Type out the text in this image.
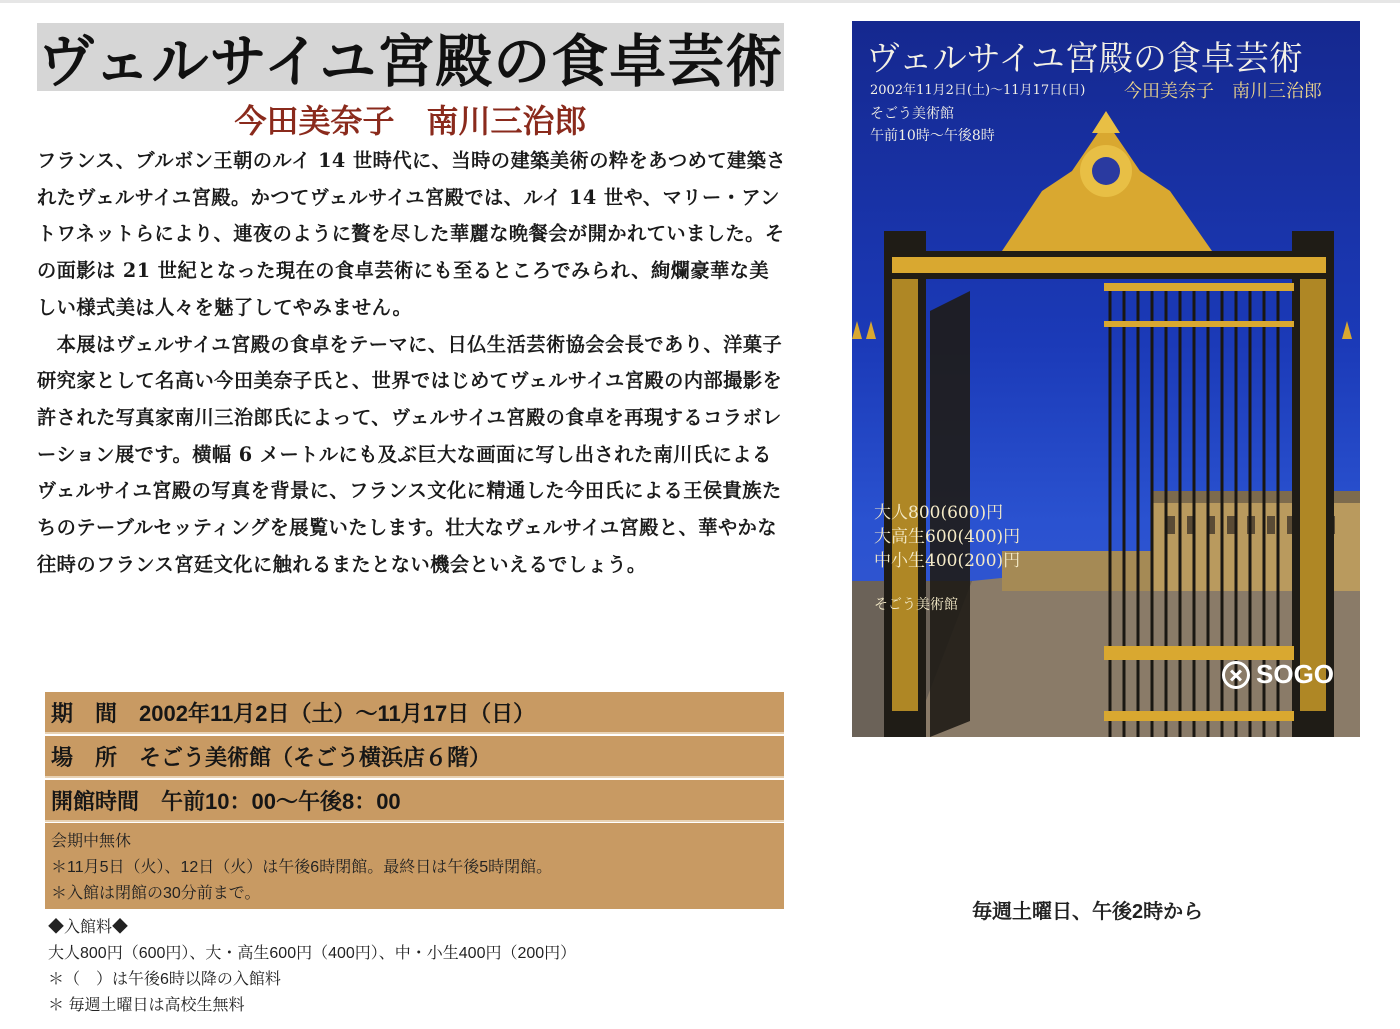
ヴェルサイユ宮殿の食卓芸術
今田美奈子　南川三治郎

フランス、ブルボン王朝のルイ 14 世時代に、当時の建築美術の粋をあつめて建築されたヴェルサイユ宮殿。かつてヴェルサイユ宮殿では、ルイ 14 世や、マリー・アントワネットらにより、連夜のように贅を尽した華麗な晩餐会が開かれていました。その面影は 21 世紀となった現在の食卓芸術にも至るところでみられ、絢爛豪華な美しい様式美は人々を魅了してやみません。

　本展はヴェルサイユ宮殿の食卓をテーマに、日仏生活芸術協会会長であり、洋菓子研究家として名高い今田美奈子氏と、世界ではじめてヴェルサイユ宮殿の内部撮影を許された写真家南川三治郎氏によって、ヴェルサイユ宮殿の食卓を再現するコラボレーション展です。横幅 6 メートルにも及ぶ巨大な画面に写し出された南川氏によるヴェルサイユ宮殿の写真を背景に、フランス文化に精通した今田氏による王侯貴族たちのテーブルセッティングを展覧いたします。壮大なヴェルサイユ宮殿と、華やかな往時のフランス宮廷文化に触れるまたとない機会といえるでしょう。

期　間 2002年11月2日（土）〜11月17日（日）
場　所 そごう美術館（そごう横浜店６階）
開館時間 午前10：00〜午後8：00
会期中無休
＊11月5日（火）、12日（火）は午後6時閉館。最終日は午後5時閉館。
＊入館は閉館の30分前まで。
◆入館料◆
大人800円（600円）、大・高生600円（400円）、中・小生400円（200円）
＊（　）は午後6時以降の入館料
＊ 毎週土曜日は高校生無料
毎週土曜日、午後2時から
ヴェルサイユ宮殿の食卓芸術
2002年11月2日(土)〜11月17日(日) 今田美奈子　南川三治郎
そごう美術館
午前10時〜午後8時
大人800(600)円
大高生600(400)円
中小生400(200)円
そごう美術館
SOGO
